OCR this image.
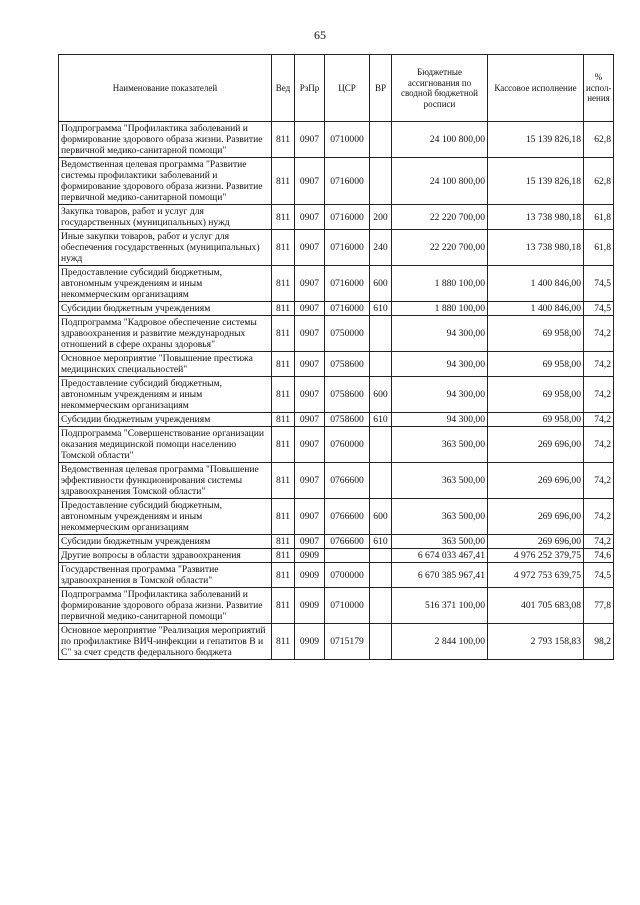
65
Наименование показателей	Вед	РзПр	ЦСР	ВР	Бюджетные ассигнования по сводной бюджетной росписи	Кассовое исполнение	% испол-нения
Подпрограмма "Профилактика заболеваний и формирование здорового образа жизни. Развитие первичной медико-санитарной помощи"	811	0907	0710000		24 100 800,00	15 139 826,18	62,8
Ведомственная целевая программа "Развитие системы профилактики заболеваний и формирование здорового образа жизни. Развитие первичной медико-санитарной помощи"	811	0907	0716000		24 100 800,00	15 139 826,18	62,8
Закупка товаров, работ и услуг для государственных (муниципальных) нужд	811	0907	0716000	200	22 220 700,00	13 738 980,18	61,8
Иные закупки товаров, работ и услуг для обеспечения государственных (муниципальных) нужд	811	0907	0716000	240	22 220 700,00	13 738 980,18	61,8
Предоставление субсидий бюджетным, автономным учреждениям и иным некоммерческим организациям	811	0907	0716000	600	1 880 100,00	1 400 846,00	74,5
Субсидии бюджетным учреждениям	811	0907	0716000	610	1 880 100,00	1 400 846,00	74,5
Подпрограмма "Кадровое обеспечение системы здравоохранения и развитие международных отношений в сфере охраны здоровья"	811	0907	0750000		94 300,00	69 958,00	74,2
Основное мероприятие "Повышение престижа медицинских специальностей"	811	0907	0758600		94 300,00	69 958,00	74,2
Предоставление субсидий бюджетным, автономным учреждениям и иным некоммерческим организациям	811	0907	0758600	600	94 300,00	69 958,00	74,2
Субсидии бюджетным учреждениям	811	0907	0758600	610	94 300,00	69 958,00	74,2
Подпрограмма "Совершенствование организации оказания медицинской помощи населению Томской области"	811	0907	0760000		363 500,00	269 696,00	74,2
Ведомственная целевая программа "Повышение эффективности функционирования системы здравоохранения Томской области"	811	0907	0766600		363 500,00	269 696,00	74,2
Предоставление субсидий бюджетным, автономным учреждениям и иным некоммерческим организациям	811	0907	0766600	600	363 500,00	269 696,00	74,2
Субсидии бюджетным учреждениям	811	0907	0766600	610	363 500,00	269 696,00	74,2
Другие вопросы в области здравоохранения	811	0909			6 674 033 467,41	4 976 252 379,75	74,6
Государственная программа "Развитие здравоохранения в Томской области"	811	0909	0700000		6 670 385 967,41	4 972 753 639,75	74,5
Подпрограмма "Профилактика заболеваний и формирование здорового образа жизни. Развитие первичной медико-санитарной помощи"	811	0909	0710000		516 371 100,00	401 705 683,08	77,8
Основное мероприятие "Реализация мероприятий по профилактике ВИЧ-инфекции и гепатитов B и C" за счет средств федерального бюджета	811	0909	0715179		2 844 100,00	2 793 158,83	98,2
